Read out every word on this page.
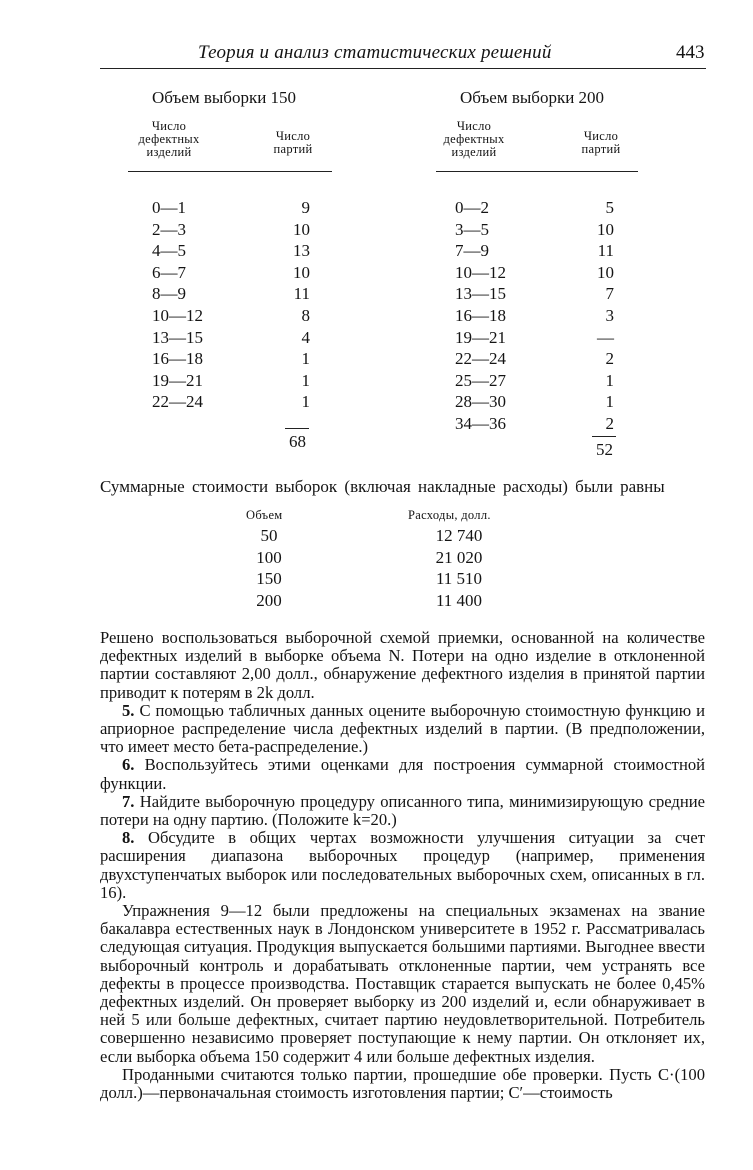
Теория и анализ статистических решений	443
Объем выборки 150
Число
дефектных
изделий
Число
партий
0—1	9
2—3	10
4—5	13
6—7	10
8—9	11
10—12	8
13—15	4
16—18	1
19—21	1
22—24	1
68
Объем выборки 200
Число
дефектных
изделий
Число
партий
0—2	5
3—5	10
7—9	11
10—12	10
13—15	7
16—18	3
19—21	—
22—24	2
25—27	1
28—30	1
34—36	2
52
Суммарные стоимости выборок (включая накладные расходы) были равны
Объем	Расходы, долл.
50	12 740
100	21 020
150	11 510
200	11 400

Решено воспользоваться выборочной схемой приемки, основанной на количестве дефектных изделий в выборке объема N. Потери на одно изделие в отклоненной партии составляют 2,00 долл., обнаружение дефектного изделия в принятой партии приводит к потерям в 2k долл.

5. С помощью табличных данных оцените выборочную стоимостную функцию и априорное распределение числа дефектных изделий в партии. (В предположении, что имеет место бета-распределение.)

6. Воспользуйтесь этими оценками для построения суммарной стоимостной функции.

7. Найдите выборочную процедуру описанного типа, минимизирующую средние потери на одну партию. (Положите k=20.)

8. Обсудите в общих чертах возможности улучшения ситуации за счет расширения диапазона выборочных процедур (например, применения двухступенчатых выборок или последовательных выборочных схем, описанных в гл. 16).

Упражнения 9—12 были предложены на специальных экзаменах на звание бакалавра естественных наук в Лондонском университете в 1952 г. Рассматривалась следующая ситуация. Продукция выпускается большими партиями. Выгоднее ввести выборочный контроль и дорабатывать отклоненные партии, чем устранять все дефекты в процессе производства. Поставщик старается выпускать не более 0,45% дефектных изделий. Он проверяет выборку из 200 изделий и, если обнаруживает в ней 5 или больше дефектных, считает партию неудовлетворительной. Потребитель совершенно независимо проверяет поступающие к нему партии. Он отклоняет их, если выборка объема 150 содержит 4 или больше дефектных изделия.

Проданными считаются только партии, прошедшие обе проверки. Пусть C·(100 долл.)—первоначальная стоимость изготовления партии; C′—стоимость
